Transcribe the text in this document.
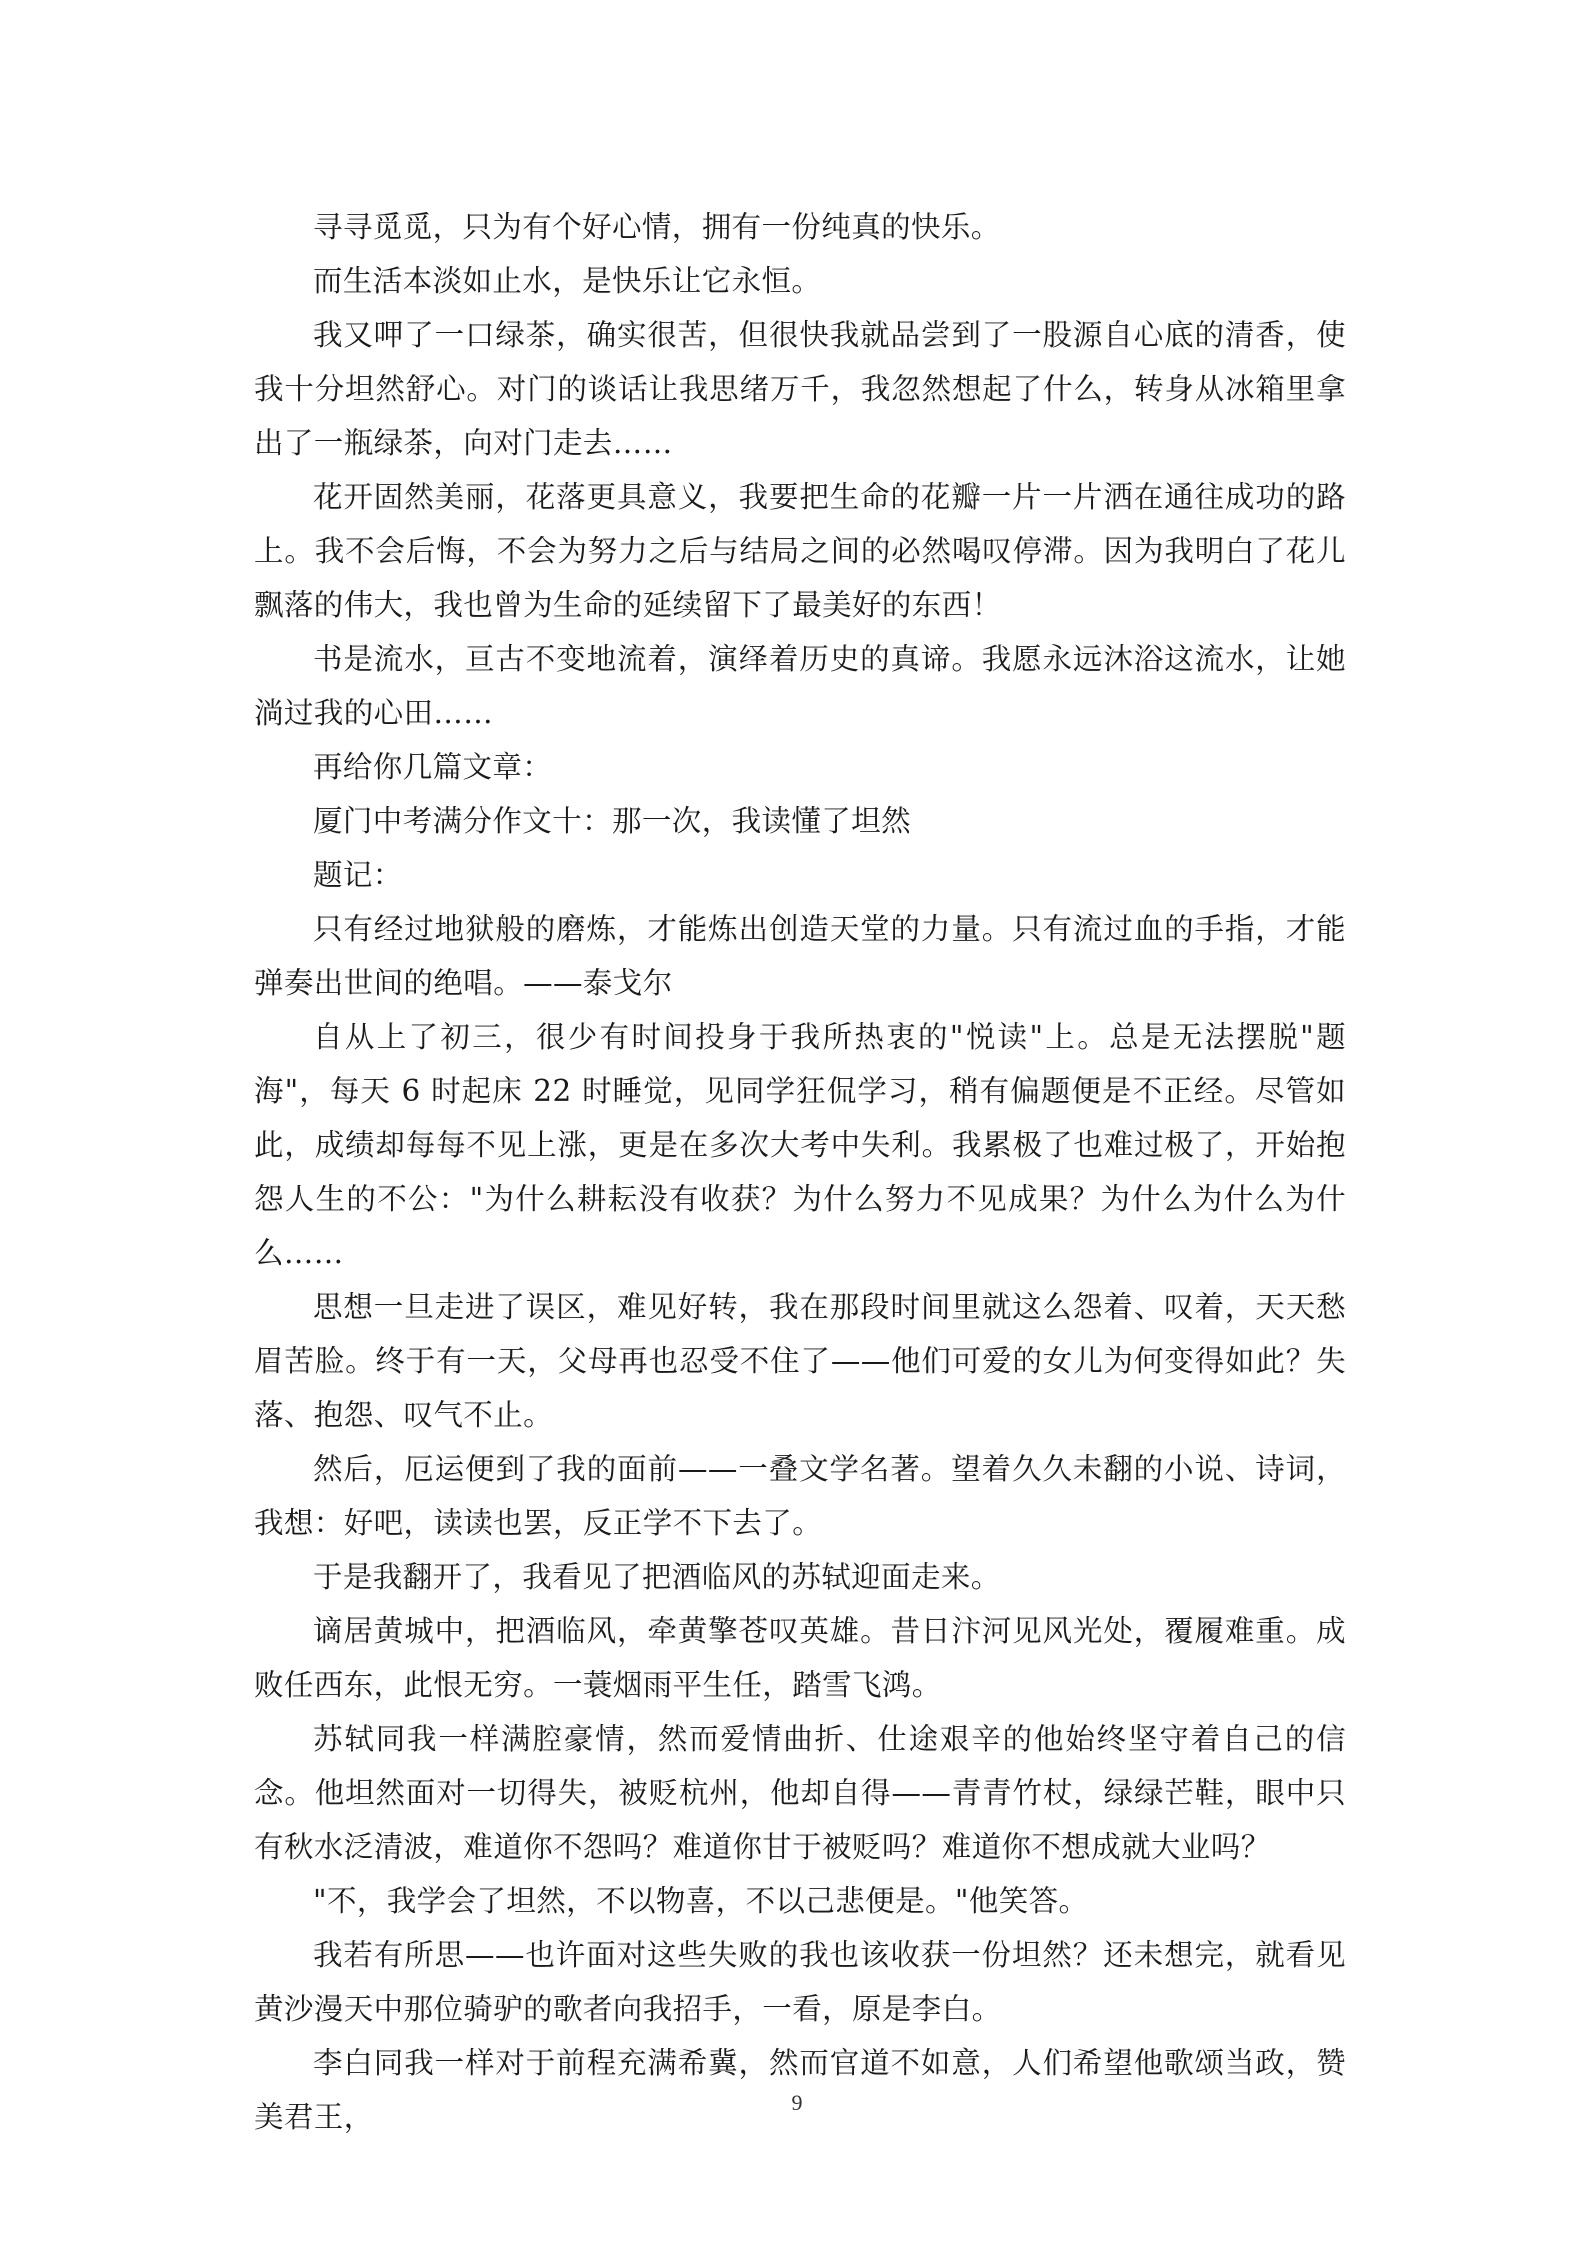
寻寻觅觅，只为有个好心情，拥有一份纯真的快乐。

而生活本淡如止水，是快乐让它永恒。

我又呷了一口绿茶，确实很苦，但很快我就品尝到了一股源自心底的清香，使我十分坦然舒心。对门的谈话让我思绪万千，我忽然想起了什么，转身从冰箱里拿出了一瓶绿茶，向对门走去……

花开固然美丽，花落更具意义，我要把生命的花瓣一片一片洒在通往成功的路上。我不会后悔，不会为努力之后与结局之间的必然喝叹停滞。因为我明白了花儿飘落的伟大，我也曾为生命的延续留下了最美好的东西！

书是流水，亘古不变地流着，演绎着历史的真谛。我愿永远沐浴这流水，让她淌过我的心田……

再给你几篇文章：

厦门中考满分作文十：那一次，我读懂了坦然

题记：

只有经过地狱般的磨炼，才能炼出创造天堂的力量。只有流过血的手指，才能弹奏出世间的绝唱。——泰戈尔

自从上了初三，很少有时间投身于我所热衷的"悦读"上。总是无法摆脱"题海"，每天 6 时起床 22 时睡觉，见同学狂侃学习，稍有偏题便是不正经。尽管如此，成绩却每每不见上涨，更是在多次大考中失利。我累极了也难过极了，开始抱怨人生的不公："为什么耕耘没有收获？为什么努力不见成果？为什么为什么为什么……

思想一旦走进了误区，难见好转，我在那段时间里就这么怨着、叹着，天天愁眉苦脸。终于有一天，父母再也忍受不住了——他们可爱的女儿为何变得如此？失落、抱怨、叹气不止。

然后，厄运便到了我的面前——一叠文学名著。望着久久未翻的小说、诗词，我想：好吧，读读也罢，反正学不下去了。

于是我翻开了，我看见了把酒临风的苏轼迎面走来。

谪居黄城中，把酒临风，牵黄擎苍叹英雄。昔日汴河见风光处，覆履难重。成败任西东，此恨无穷。一蓑烟雨平生任，踏雪飞鸿。

苏轼同我一样满腔豪情，然而爱情曲折、仕途艰辛的他始终坚守着自己的信念。他坦然面对一切得失，被贬杭州，他却自得——青青竹杖，绿绿芒鞋，眼中只有秋水泛清波，难道你不怨吗？难道你甘于被贬吗？难道你不想成就大业吗？

"不，我学会了坦然，不以物喜，不以己悲便是。"他笑答。

我若有所思——也许面对这些失败的我也该收获一份坦然？还未想完，就看见黄沙漫天中那位骑驴的歌者向我招手，一看，原是李白。

李白同我一样对于前程充满希冀，然而官道不如意，人们希望他歌颂当政，赞美君王，	9
